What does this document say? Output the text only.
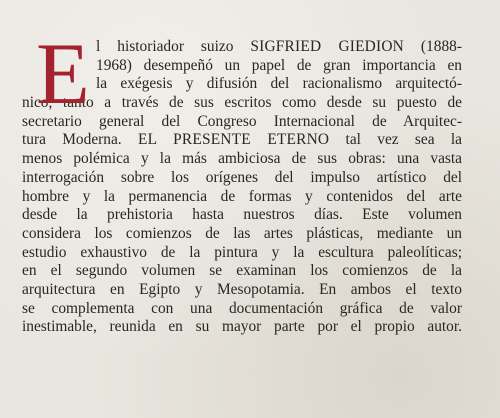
E l historiador suizo SIGFRIED GIEDION (1888-
1968) desempeñó un papel de gran importancia en
la exégesis y difusión del racionalismo arquitectó-
nico, tanto a través de sus escritos como desde su puesto de
secretario general del Congreso Internacional de Arquitec-
tura Moderna. EL PRESENTE ETERNO tal vez sea la
menos polémica y la más ambiciosa de sus obras: una vasta
interrogación sobre los orígenes del impulso artístico del
hombre y la permanencia de formas y contenidos del arte
desde la prehistoria hasta nuestros días. Este volumen
considera los comienzos de las artes plásticas, mediante un
estudio exhaustivo de la pintura y la escultura paleolíticas;
en el segundo volumen se examinan los comienzos de la
arquitectura en Egipto y Mesopotamia. En ambos el texto
se complementa con una documentación gráfica de valor
inestimable, reunida en su mayor parte por el propio autor.
